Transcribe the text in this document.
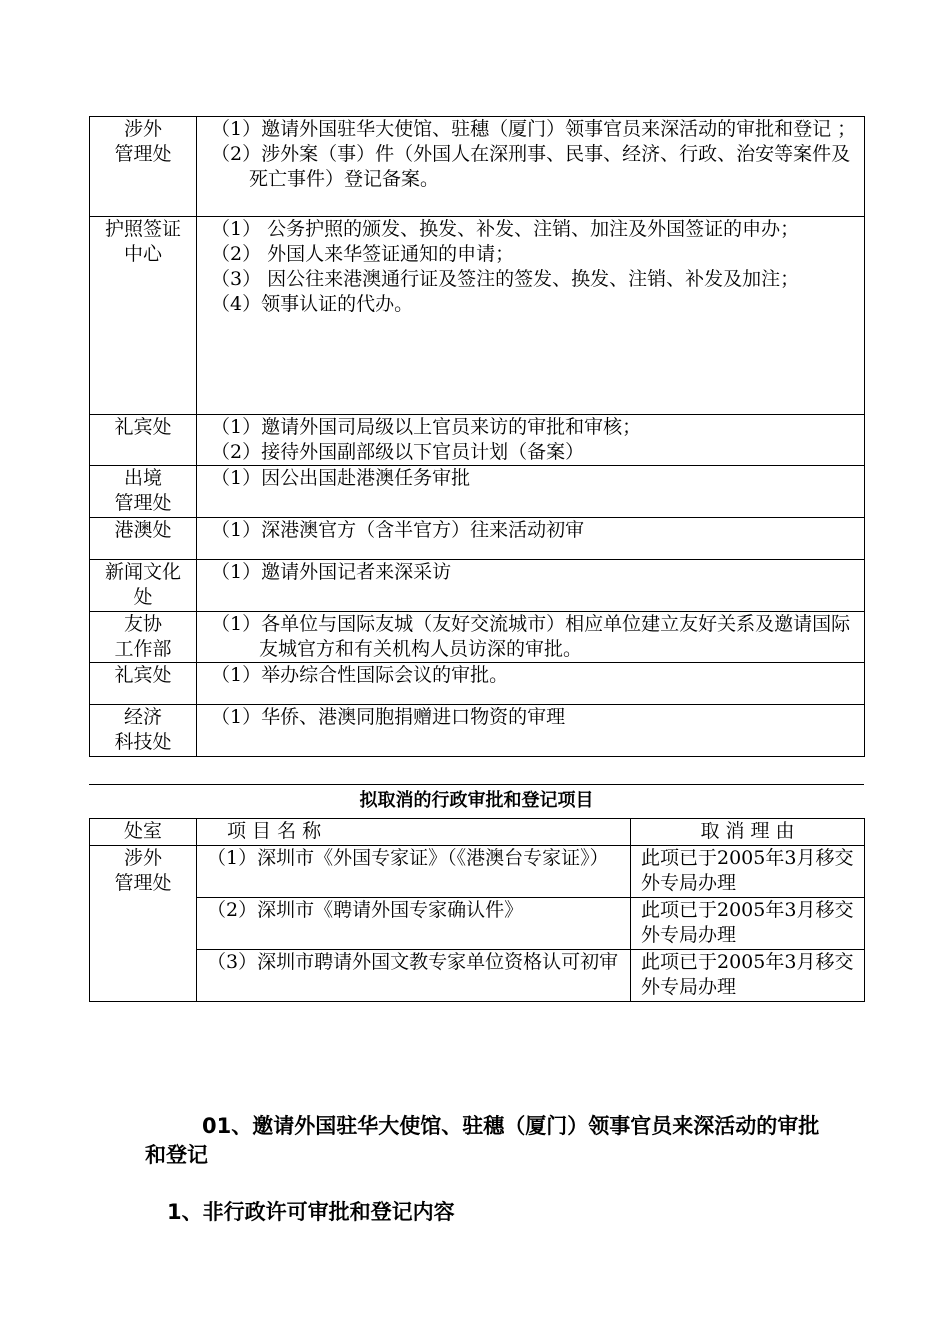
涉外
管理处	（1）邀请外国驻华大使馆、驻穗（厦门）领事官员来深活动的审批和登记 ；
（2）涉外案（事）件（外国人在深刑事、民事、经济、行政、治安等案件及死亡事件）登记备案。

护照签证
中心	（1） 公务护照的颁发、换发、补发、注销、加注及外国签证的申办；
（2） 外国人来华签证通知的申请；
（3） 因公往来港澳通行证及签注的签发、换发、注销、补发及加注；
（4）领事认证的代办。

礼宾处	（1）邀请外国司局级以上官员来访的审批和审核；
（2）接待外国副部级以下官员计划（备案）

出境
管理处	（1）因公出国赴港澳任务审批

港澳处	（1）深港澳官方（含半官方）往来活动初审

新闻文化
处	（1）邀请外国记者来深采访

友协
工作部	（1）各单位与国际友城（友好交流城市）相应单位建立友好关系及邀请国际友城官方和有关机构人员访深的审批。

礼宾处	（1）举办综合性国际会议的审批。

经济
科技处	（1）华侨、港澳同胞捐赠进口物资的审理
拟取消的行政审批和登记项目
处室	项 目 名 称	取 消 理 由
涉外
管理处	（1）深圳市《外国专家证》（《港澳台专家证》）	此项已于2005年3月移交外专局办理
	（2）深圳市《聘请外国专家确认件》	此项已于2005年3月移交外专局办理
	（3）深圳市聘请外国文教专家单位资格认可初审	此项已于2005年3月移交外专局办理
01、邀请外国驻华大使馆、驻穗（厦门）领事官员来深活动的审批和登记
1、非行政许可审批和登记内容
